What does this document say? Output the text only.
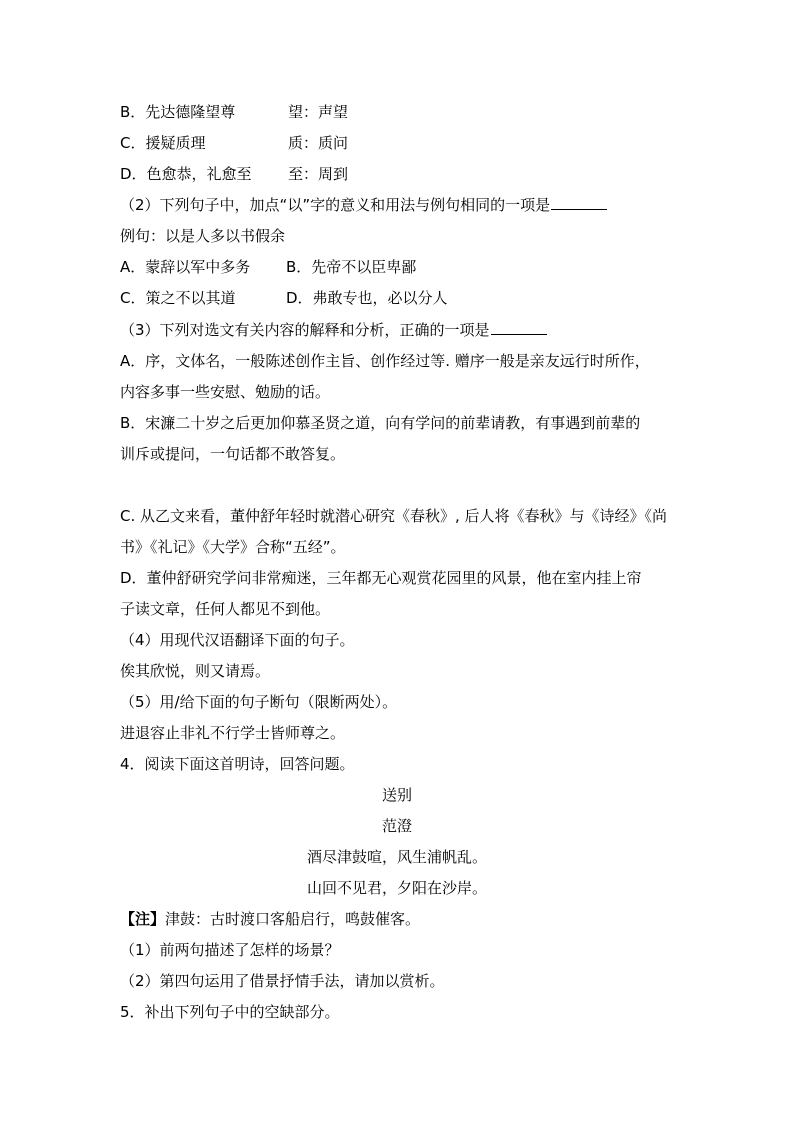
B．先达德隆望尊	望：声望
C．援疑质理	质：质问
D．色愈恭，礼愈至 至：周到
（2）下列句子中，加点“以”字的意义和用法与例句相同的一项是
例句：以是人多以书假余
A．蒙辞以军中多务 B．先帝不以臣卑鄙
C．策之不以其道	D．弗敢专也，必以分人
（3）下列对选文有关内容的解释和分析，正确的一项是
A．序，文体名，一般陈述创作主旨、创作经过等. 赠序一般是亲友远行时所作，
内容多事一些安慰、勉励的话。
B．宋濂二十岁之后更加仰慕圣贤之道，向有学问的前辈请教，有事遇到前辈的
训斥或提问，一句话都不敢答复。
C. 从乙文来看，董仲舒年轻时就潜心研究《春秋》, 后人将《春秋》与《诗经》《尚
书》《礼记》《大学》合称“五经”。
D．董仲舒研究学问非常痴迷，三年都无心观赏花园里的风景，他在室内挂上帘
子读文章，任何人都见不到他。
（4）用现代汉语翻译下面的句子。
俟其欣悦，则又请焉。
（5）用/给下面的句子断句（限断两处）。
进退容止非礼不行学士皆师尊之。
4．阅读下面这首明诗，回答问题。
送别
范澄
酒尽津鼓喧，风生浦帆乱。
山回不见君，夕阳在沙岸。
【注】津鼓：古时渡口客船启行，鸣鼓催客。
（1）前两句描述了怎样的场景？
（2）第四句运用了借景抒情手法，请加以赏析。
5．补出下列句子中的空缺部分。
